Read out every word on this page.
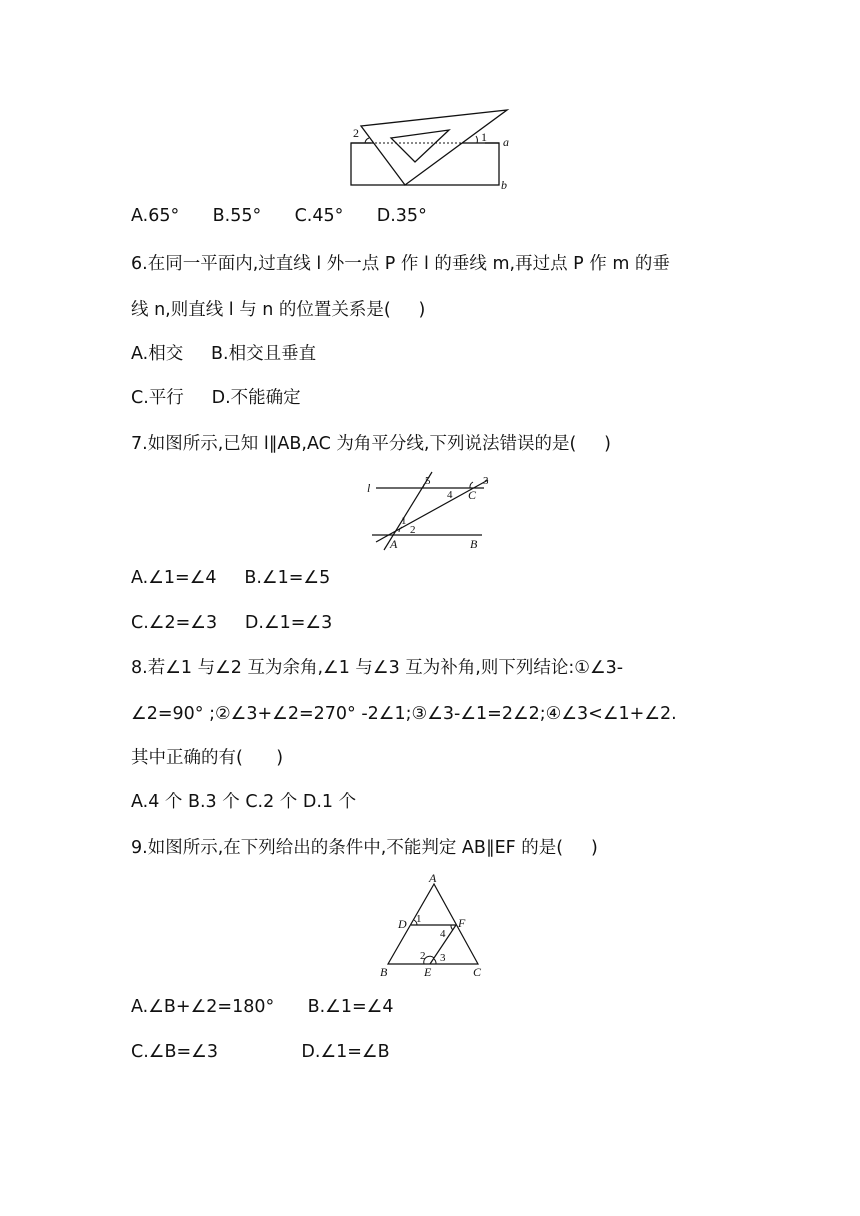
2	1 a
b
A.65°      B.55°      C.45°      D.35°
6.在同一平面内,过直线 l 外一点 P 作 l 的垂线 m,再过点 P 作 m 的垂
线 n,则直线 l 与 n 的位置关系是(     )
A.相交     B.相交且垂直
C.平行     D.不能确定
7.如图所示,已知 l∥AB,AC 为角平分线,下列说法错误的是(     )
l	5
4 C
3
1
2
A	B
A.∠1=∠4     B.∠1=∠5
C.∠2=∠3     D.∠1=∠3
8.若∠1 与∠2 互为余角,∠1 与∠3 互为补角,则下列结论:①∠3-
∠2=90° ;②∠3+∠2=270° -2∠1;③∠3-∠1=2∠2;④∠3<∠1+∠2.
其中正确的有(      )
A.4 个 B.3 个 C.2 个 D.1 个
9.如图所示,在下列给出的条件中,不能判定 AB∥EF 的是(     )
A
D 1	F
4
2 3
B	E	C
A.∠B+∠2=180°      B.∠1=∠4
C.∠B=∠3               D.∠1=∠B
